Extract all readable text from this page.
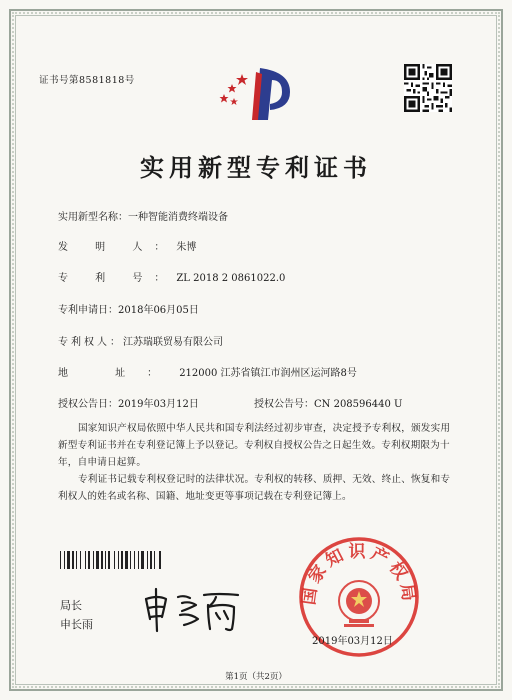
证书号第8581818号
实用新型专利证书
实用新型名称：一种智能消费终端设备
发 明 人：朱博
专 利 号：ZL 2018 2 0861022.0
专利申请日：2018年06月05日
专利权人：江苏瑞联贸易有限公司
地 址：212000 江苏省镇江市润州区运河路8号
授权公告日：2019年03月12日	授权公告号：CN 208596440 U
国家知识产权局依照中华人民共和国专利法经过初步审查，决定授予专利权，颁发实用
新型专利证书并在专利登记簿上予以登记。专利权自授权公告之日起生效。专利权期限为十
年，自申请日起算。
专利证书记载专利权登记时的法律状况。专利权的转移、质押、无效、终止、恢复和专
利权人的姓名或名称、国籍、地址变更等事项记载在专利登记簿上。
局长
申长雨
国家知识产权局
2019年03月12日
第1页（共2页）
